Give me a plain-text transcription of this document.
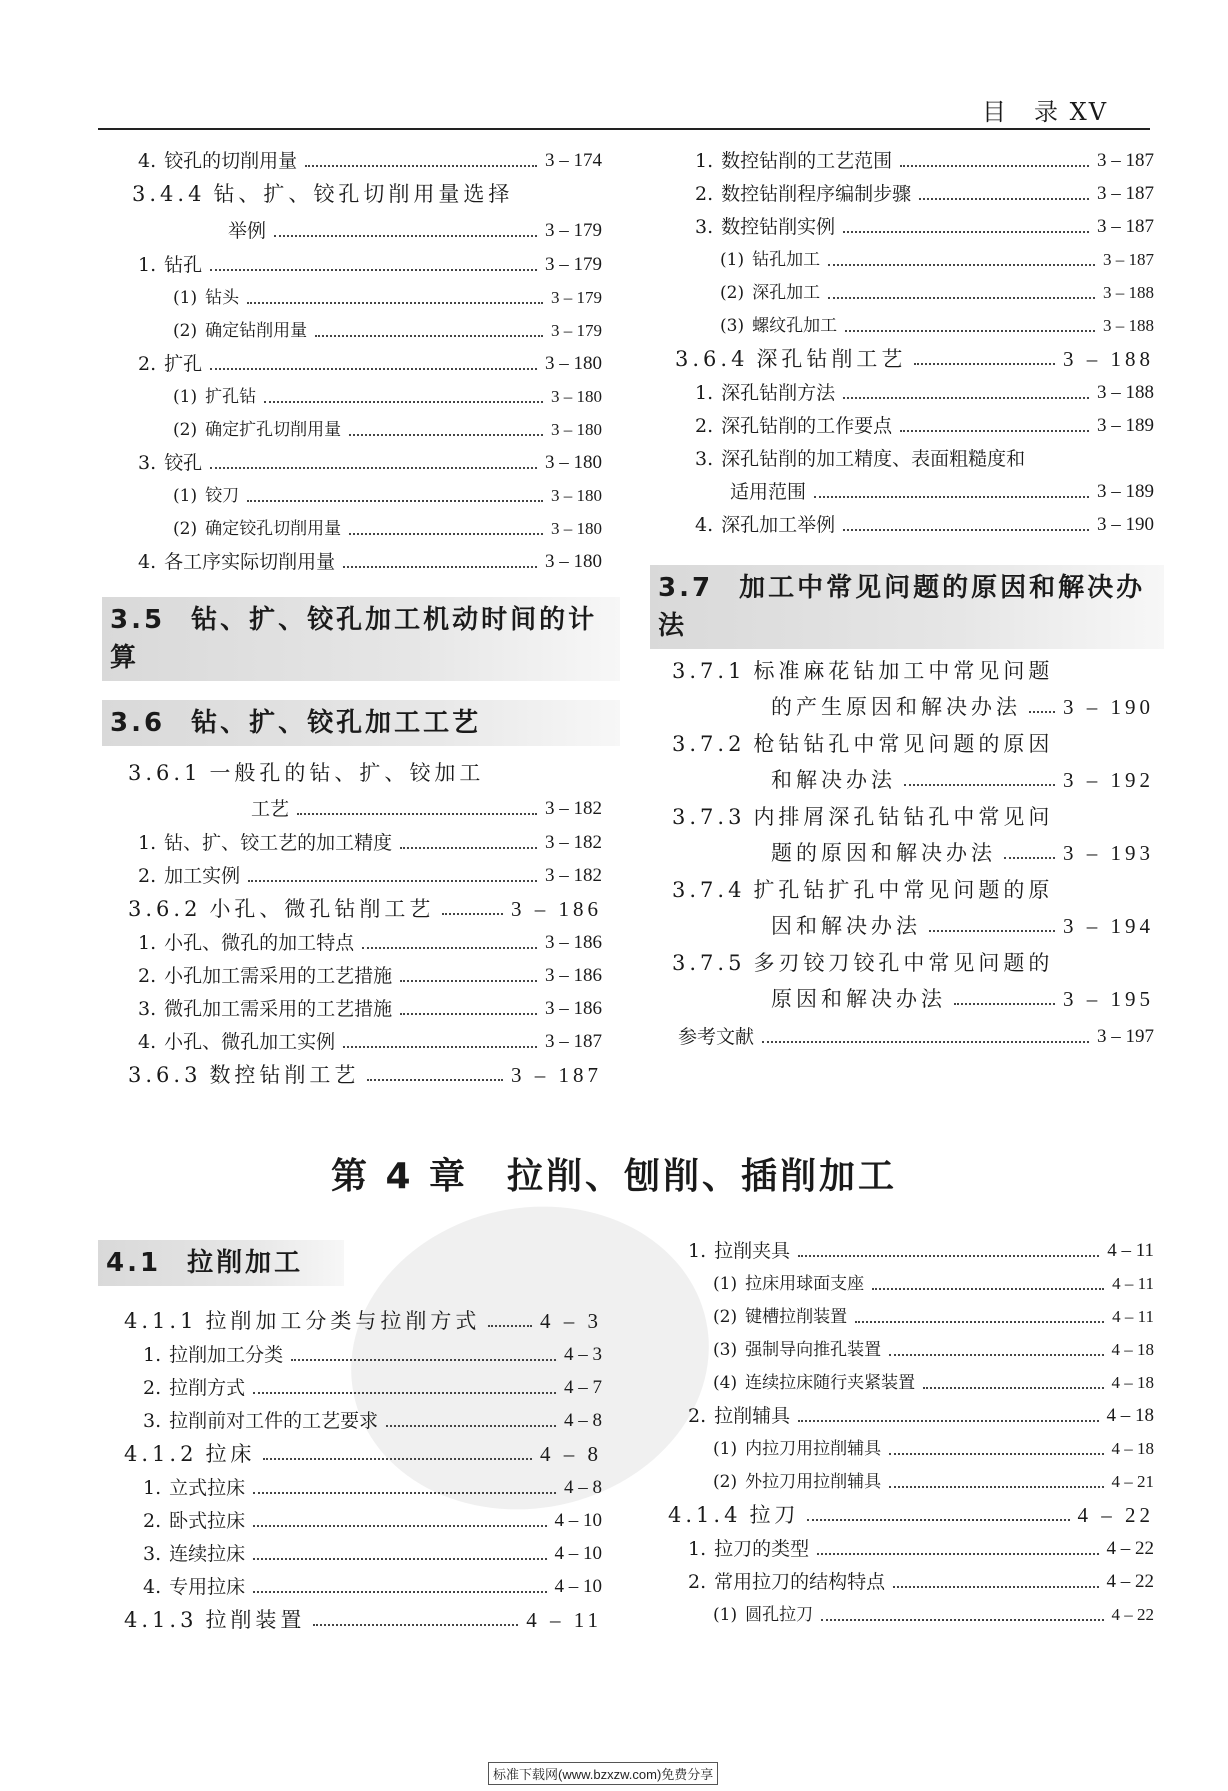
目　录 XV
4. 铰孔的切削用量	3 – 174
3.4.4 钻、扩、铰孔切削用量选择
举例	3 – 179
1. 钻孔	3 – 179
(1) 钻头	3 – 179
(2) 确定钻削用量	3 – 179
2. 扩孔	3 – 180
(1) 扩孔钻	3 – 180
(2) 确定扩孔切削用量	3 – 180
3. 铰孔	3 – 180
(1) 铰刀	3 – 180
(2) 确定铰孔切削用量	3 – 180
4. 各工序实际切削用量	3 – 180
3.5 钻、扩、铰孔加工机动时间的计算
3.6 钻、扩、铰孔加工工艺
3.6.1 一般孔的钻、扩、铰加工
工艺	3 – 182
1. 钻、扩、铰工艺的加工精度	3 – 182
2. 加工实例	3 – 182
3.6.2 小孔、微孔钻削工艺	3 – 186
1. 小孔、微孔的加工特点	3 – 186
2. 小孔加工需采用的工艺措施	3 – 186
3. 微孔加工需采用的工艺措施	3 – 186
4. 小孔、微孔加工实例	3 – 187
3.6.3 数控钻削工艺	3 – 187
1. 数控钻削的工艺范围	3 – 187
2. 数控钻削程序编制步骤	3 – 187
3. 数控钻削实例	3 – 187
(1) 钻孔加工	3 – 187
(2) 深孔加工	3 – 188
(3) 螺纹孔加工	3 – 188
3.6.4 深孔钻削工艺	3 – 188
1. 深孔钻削方法	3 – 188
2. 深孔钻削的工作要点	3 – 189
3. 深孔钻削的加工精度、表面粗糙度和
适用范围	3 – 189
4. 深孔加工举例	3 – 190
3.7 加工中常见问题的原因和解决办法
3.7.1 标准麻花钻加工中常见问题
的产生原因和解决办法 3 – 190
3.7.2 枪钻钻孔中常见问题的原因
和解决办法	3 – 192
3.7.3 内排屑深孔钻钻孔中常见问
题的原因和解决办法	3 – 193
3.7.4 扩孔钻扩孔中常见问题的原
因和解决办法	3 – 194
3.7.5 多刃铰刀铰孔中常见问题的
原因和解决办法	3 – 195
参考文献	3 – 197
第 4 章　拉削、刨削、插削加工
4.1 拉削加工
4.1.1 拉削加工分类与拉削方式	4 – 3
1. 拉削加工分类	4 – 3
2. 拉削方式	4 – 7
3. 拉削前对工件的工艺要求	4 – 8
4.1.2 拉床	4 – 8
1. 立式拉床	4 – 8
2. 卧式拉床	4 – 10
3. 连续拉床	4 – 10
4. 专用拉床	4 – 10
4.1.3 拉削装置	4 – 11
1. 拉削夹具	4 – 11
(1) 拉床用球面支座	4 – 11
(2) 键槽拉削装置	4 – 11
(3) 强制导向推孔装置	4 – 18
(4) 连续拉床随行夹紧装置	4 – 18
2. 拉削辅具	4 – 18
(1) 内拉刀用拉削辅具	4 – 18
(2) 外拉刀用拉削辅具	4 – 21
4.1.4 拉刀	4 – 22
1. 拉刀的类型	4 – 22
2. 常用拉刀的结构特点	4 – 22
(1) 圆孔拉刀	4 – 22
标准下载网(www.bzxzw.com)免费分享
